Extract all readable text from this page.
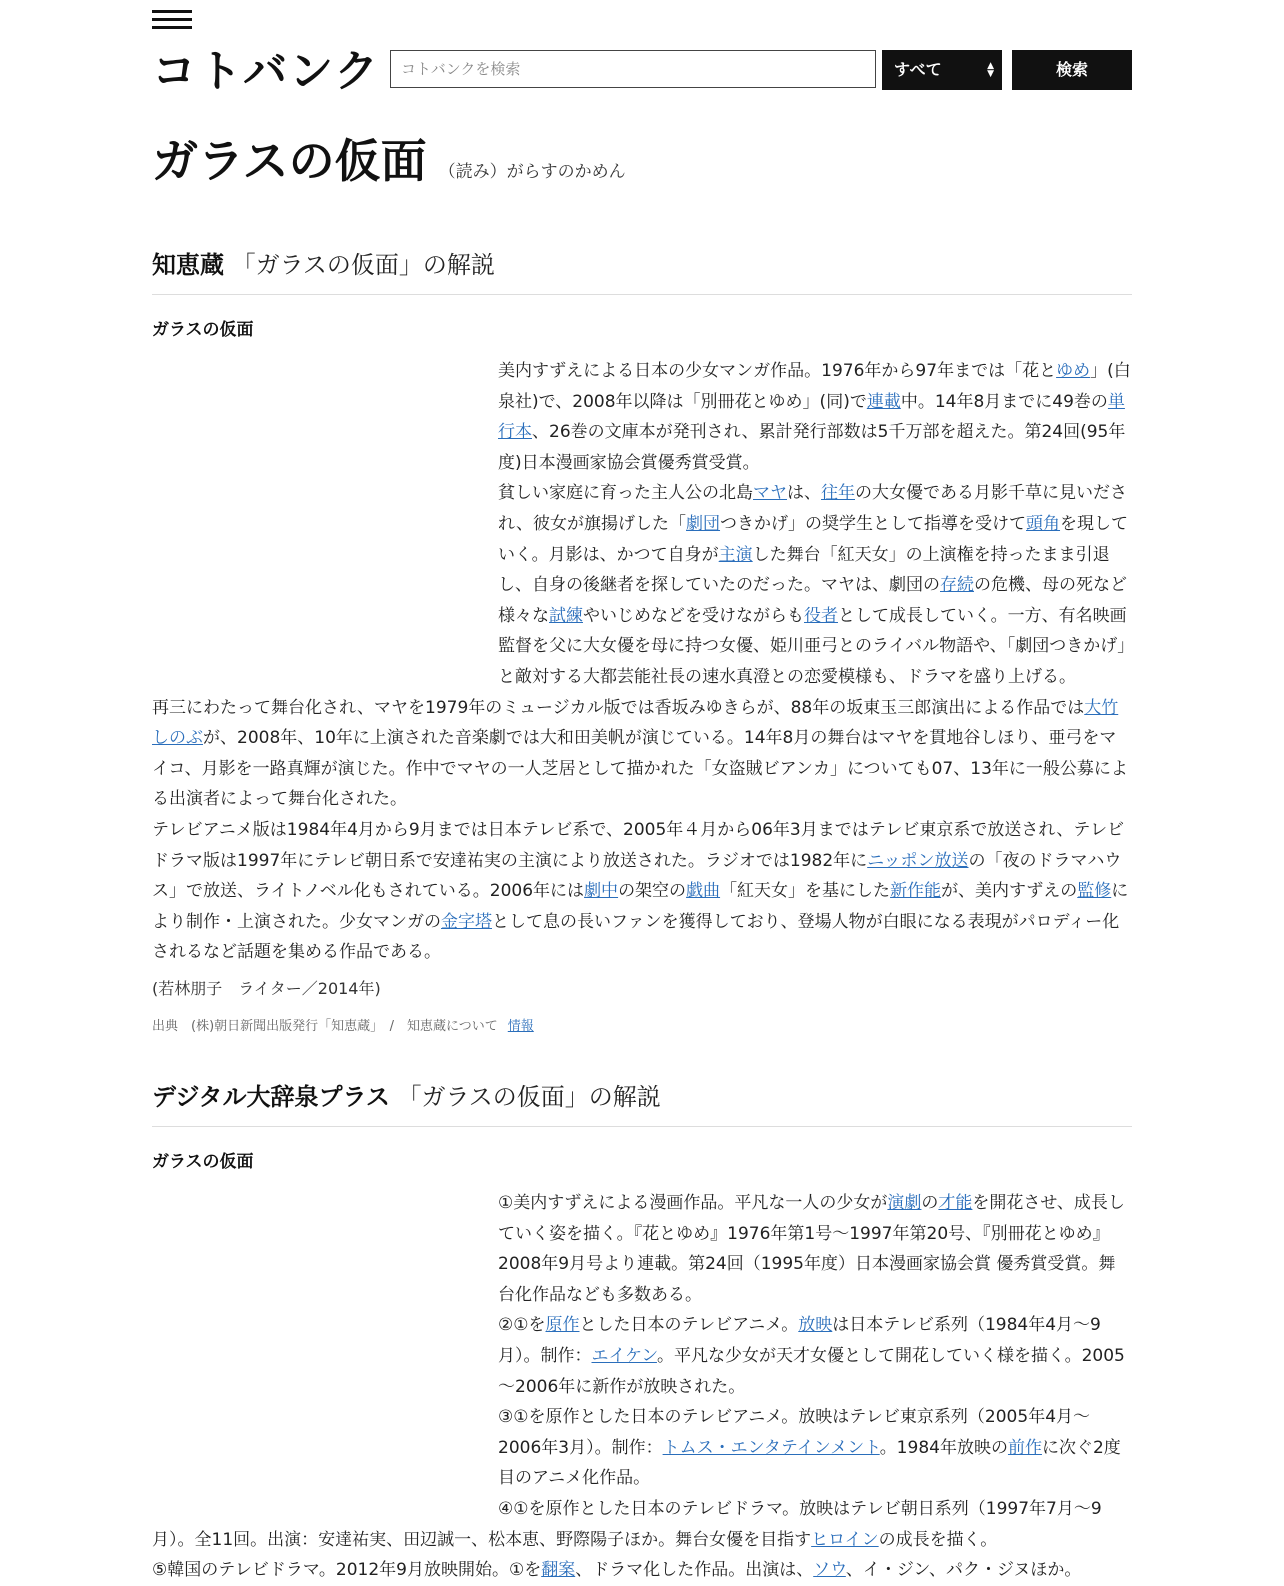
コトバンク
コトバンクを検索	すべて	▲
▼	検索
ガラスの仮面 （読み）がらすのかめん
知恵蔵 「ガラスの仮面」の解説
ガラスの仮面

美内すずえによる日本の少女マンガ作品。1976年から97年までは「花とゆめ」(白泉社)で、2008年以降は「別冊花とゆめ」(同)で連載中。14年8月までに49巻の単行本、26巻の文庫本が発刊され、累計発行部数は5千万部を超えた。第24回(95年度)日本漫画家協会賞優秀賞受賞。

貧しい家庭に育った主人公の北島マヤは、往年の大女優である月影千草に見いだされ、彼女が旗揚げした「劇団つきかげ」の奨学生として指導を受けて頭角を現していく。月影は、かつて自身が主演した舞台「紅天女」の上演権を持ったまま引退し、自身の後継者を探していたのだった。マヤは、劇団の存続の危機、母の死など様々な試練やいじめなどを受けながらも役者として成長していく。一方、有名映画監督を父に大女優を母に持つ女優、姫川亜弓とのライバル物語や、「劇団つきかげ」と敵対する大都芸能社長の速水真澄との恋愛模様も、ドラマを盛り上げる。

再三にわたって舞台化され、マヤを1979年のミュージカル版では香坂みゆきらが、88年の坂東玉三郎演出による作品では大竹しのぶが、2008年、10年に上演された音楽劇では大和田美帆が演じている。14年8月の舞台はマヤを貫地谷しほり、亜弓をマイコ、月影を一路真輝が演じた。作中でマヤの一人芝居として描かれた「女盗賊ビアンカ」についても07、13年に一般公募による出演者によって舞台化された。

テレビアニメ版は1984年4月から9月までは日本テレビ系で、2005年４月から06年3月まではテレビ東京系で放送され、テレビドラマ版は1997年にテレビ朝日系で安達祐実の主演により放送された。ラジオでは1982年にニッポン放送の「夜のドラマハウス」で放送、ライトノベル化もされている。2006年には劇中の架空の戯曲「紅天女」を基にした新作能が、美内すずえの監修により制作・上演された。少女マンガの金字塔として息の長いファンを獲得しており、登場人物が白眼になる表現がパロディー化されるなど話題を集める作品である。

(若林朋子　ライター／2014年)
出典　(株)朝日新聞出版発行「知恵蔵」　/　知恵蔵について 情報
デジタル大辞泉プラス 「ガラスの仮面」の解説
ガラスの仮面

①美内すずえによる漫画作品。平凡な一人の少女が演劇の才能を開花させ、成長していく姿を描く。『花とゆめ』1976年第1号～1997年第20号、『別冊花とゆめ』2008年9月号より連載。第24回（1995年度）日本漫画家協会賞 優秀賞受賞。舞台化作品なども多数ある。

②①を原作とした日本のテレビアニメ。放映は日本テレビ系列（1984年4月～9月）。制作：エイケン。平凡な少女が天才女優として開花していく様を描く。2005～2006年に新作が放映された。

③①を原作とした日本のテレビアニメ。放映はテレビ東京系列（2005年4月～2006年3月）。制作：トムス・エンタテインメント。1984年放映の前作に次ぐ2度目のアニメ化作品。

④①を原作とした日本のテレビドラマ。放映はテレビ朝日系列（1997年7月～9月）。全11回。出演：安達祐実、田辺誠一、松本恵、野際陽子ほか。舞台女優を目指すヒロインの成長を描く。

⑤韓国のテレビドラマ。2012年9月放映開始。①を翻案、ドラマ化した作品。出演は、ソウ、イ・ジン、パク・ジヌほか。
